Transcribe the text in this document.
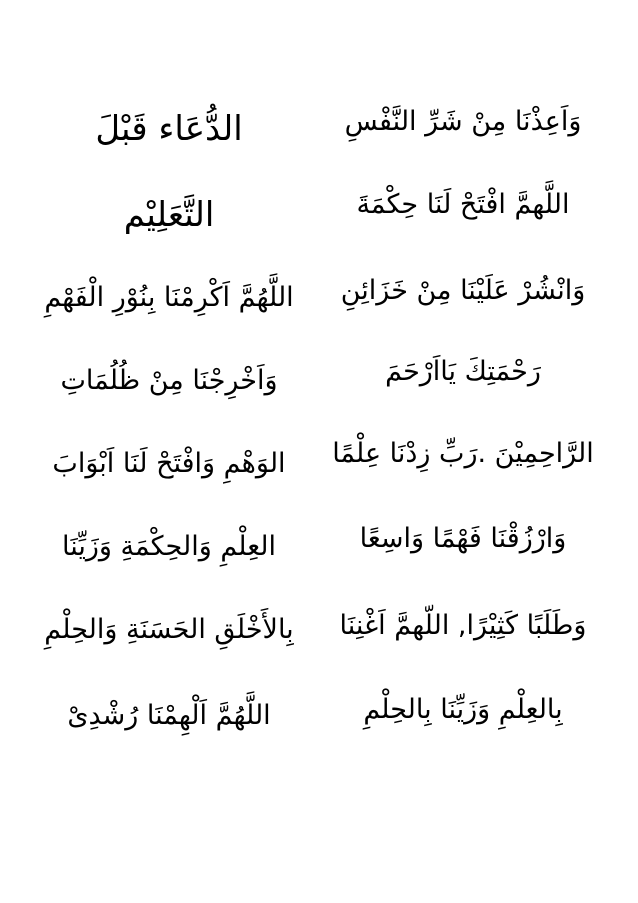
وَاَعِذْنَا مِنْ شَرِّ النَّفْسِ
اللَّهمَّ افْتَحْ لَنَا حِكْمَةَ
وَانْشُرْ عَلَيْنَا مِنْ خَزَائِنِ
رَحْمَتِكَ يَااَرْحَمَ
الرَّاحِمِيْنَ .رَبِّ زِدْنَا عِلْمًا
وَارْزُقْنَا فَهْمًا وَاسِعًا
وَطَلَبًا كَثِيْرًا, اللّهمَّ اَغْنِنَا
بِالعِلْمِ وَزَيِّنَا بِالحِلْمِ
الدُّعَاء قَبْلَ
التَّعَلِيْم
اللَّهُمَّ اَكْرِمْنَا بِنُوْرِ الْفَهْمِ
وَاَخْرِجْنَا مِنْ ظُلُمَاتِ
الوَهْمِ وَافْتَحْ لَنَا اَبْوَابَ
العِلْمِ وَالحِكْمَةِ وَزَيِّنَا
بِالأَخْلَقِ الحَسَنَةِ وَالحِلْمِ
اللَّهُمَّ اَلْهِمْنَا رُشْدِىْ
